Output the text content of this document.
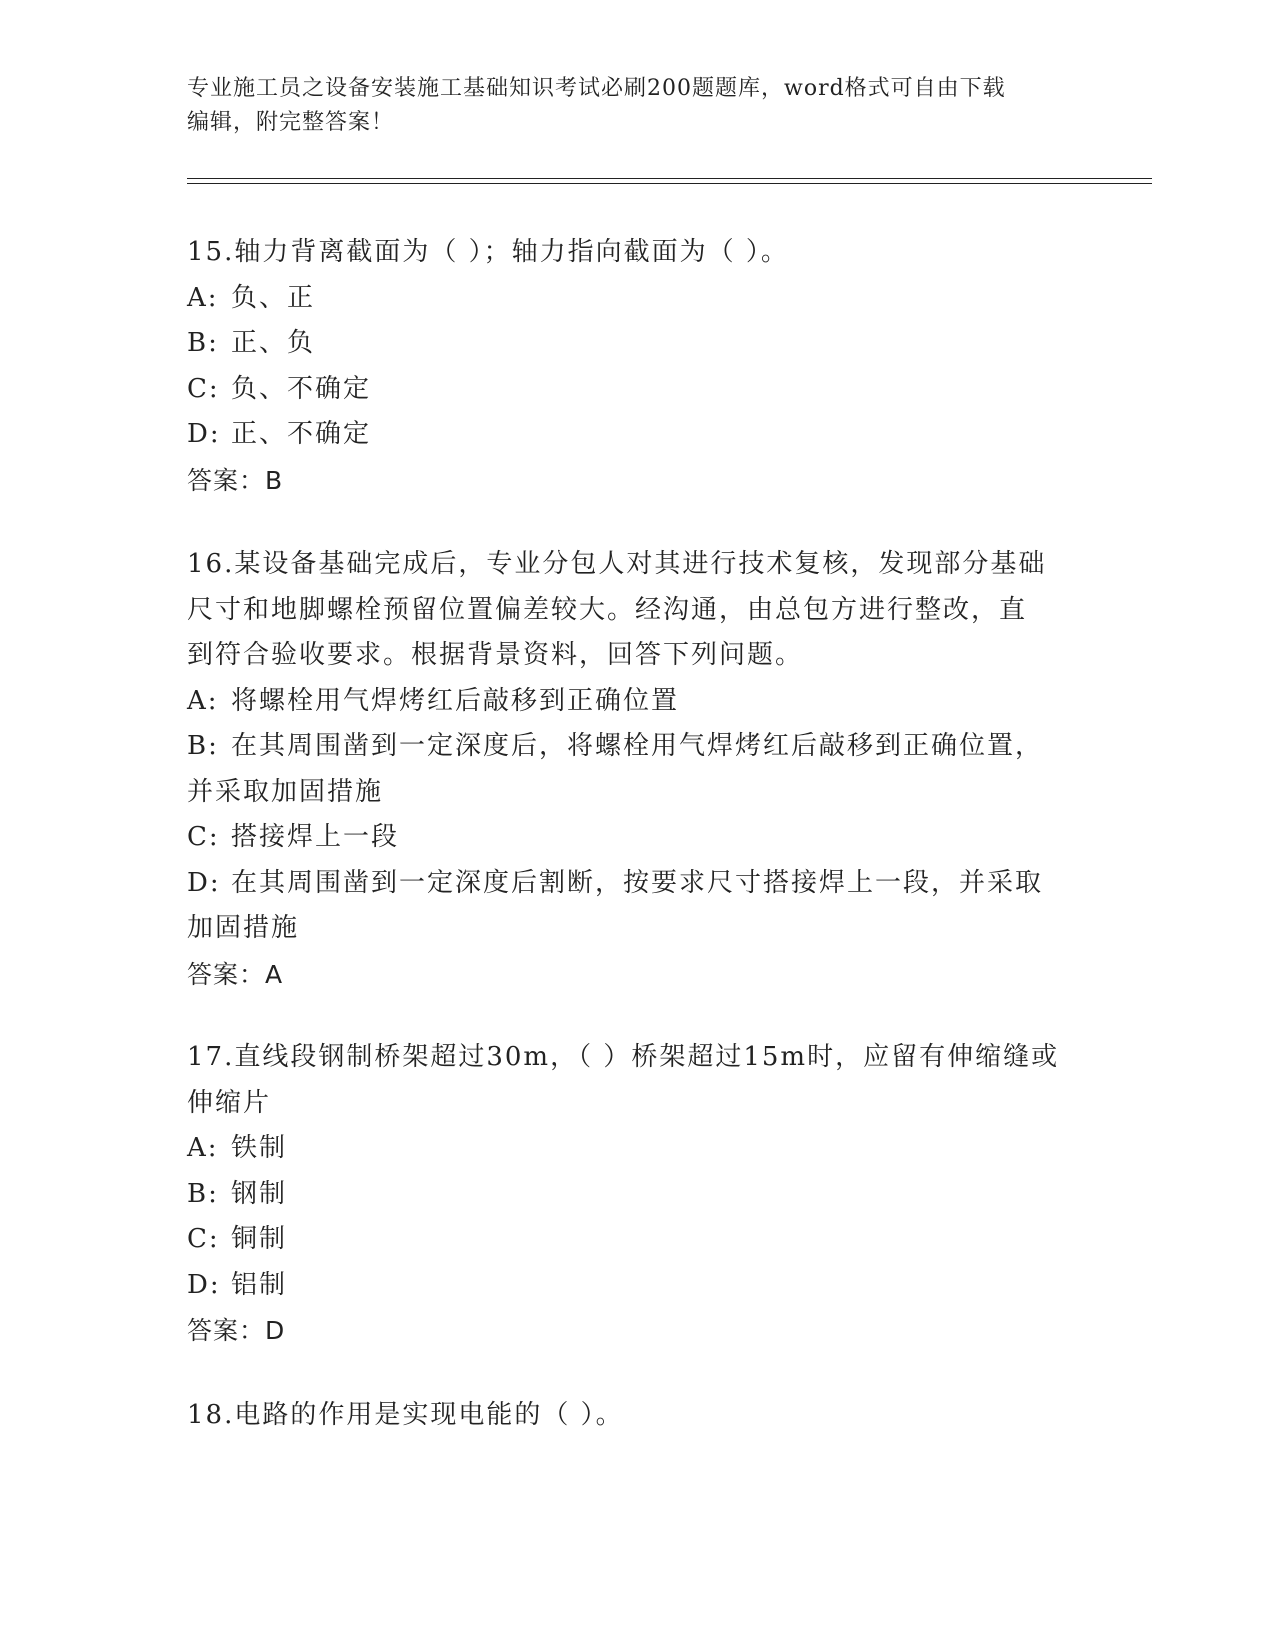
专业施工员之设备安装施工基础知识考试必刷200题题库，word格式可自由下载
编辑，附完整答案！

15.轴力背离截面为（ ）；轴力指向截面为（ ）。

A: 负、正

B: 正、负

C: 负、不确定

D: 正、不确定

答案：B

16.某设备基础完成后，专业分包人对其进行技术复核，发现部分基础

尺寸和地脚螺栓预留位置偏差较大。经沟通，由总包方进行整改，直

到符合验收要求。根据背景资料，回答下列问题。

A: 将螺栓用气焊烤红后敲移到正确位置

B: 在其周围凿到一定深度后，将螺栓用气焊烤红后敲移到正确位置，

并采取加固措施

C: 搭接焊上一段

D: 在其周围凿到一定深度后割断，按要求尺寸搭接焊上一段，并采取

加固措施

答案：A

17.直线段钢制桥架超过30m，（ ）桥架超过15m时，应留有伸缩缝或

伸缩片

A: 铁制

B: 钢制

C: 铜制

D: 铝制

答案：D

18.电路的作用是实现电能的（ ）。
